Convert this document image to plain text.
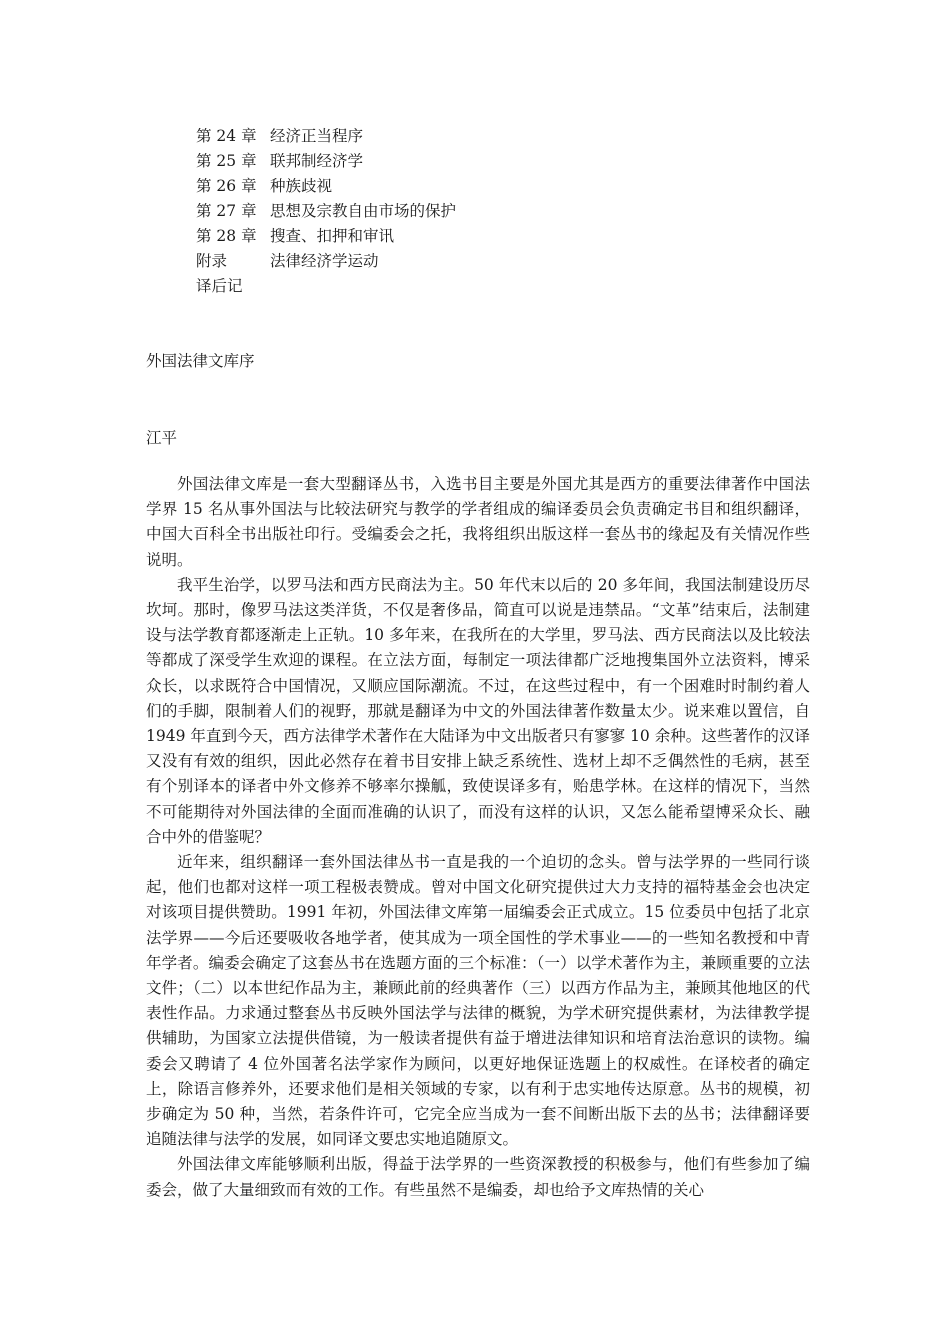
第 24 章 经济正当程序
第 25 章 联邦制经济学
第 26 章 种族歧视
第 27 章 思想及宗教自由市场的保护
第 28 章 搜查、扣押和审讯
附录	法律经济学运动
译后记
外国法律文库序
江平

外国法律文库是一套大型翻译丛书，入选书目主要是外国尤其是西方的重要法律著作中国法学界 15 名从事外国法与比较法研究与教学的学者组成的编译委员会负责确定书目和组织翻译，中国大百科全书出版社印行。受编委会之托，我将组织出版这样一套丛书的缘起及有关情况作些说明。

我平生治学，以罗马法和西方民商法为主。50 年代末以后的 20 多年间，我国法制建设历尽坎坷。那时，像罗马法这类洋货，不仅是奢侈品，简直可以说是违禁品。“文革”结束后，法制建设与法学教育都逐渐走上正轨。10 多年来，在我所在的大学里，罗马法、西方民商法以及比较法等都成了深受学生欢迎的课程。在立法方面，每制定一项法律都广泛地搜集国外立法资料，博采众长，以求既符合中国情况，又顺应国际潮流。不过，在这些过程中，有一个困难时时制约着人们的手脚，限制着人们的视野，那就是翻译为中文的外国法律著作数量太少。说来难以置信，自 1949 年直到今天，西方法律学术著作在大陆译为中文出版者只有寥寥 10 余种。这些著作的汉译又没有有效的组织，因此必然存在着书目安排上缺乏系统性、选材上却不乏偶然性的毛病，甚至有个别译本的译者中外文修养不够率尔操觚，致使误译多有，贻患学林。在这样的情况下，当然不可能期待对外国法律的全面而准确的认识了，而没有这样的认识，又怎么能希望博采众长、融合中外的借鉴呢？

近年来，组织翻译一套外国法律丛书一直是我的一个迫切的念头。曾与法学界的一些同行谈起，他们也都对这样一项工程极表赞成。曾对中国文化研究提供过大力支持的福特基金会也决定对该项目提供赞助。1991 年初，外国法律文库第一届编委会正式成立。15 位委员中包括了北京法学界——今后还要吸收各地学者，使其成为一项全国性的学术事业——的一些知名教授和中青年学者。编委会确定了这套丛书在选题方面的三个标准：（一）以学术著作为主，兼顾重要的立法文件；（二）以本世纪作品为主，兼顾此前的经典著作（三）以西方作品为主，兼顾其他地区的代表性作品。力求通过整套丛书反映外国法学与法律的概貌，为学术研究提供素材，为法律教学提供辅助，为国家立法提供借镜，为一般读者提供有益于增进法律知识和培育法治意识的读物。编委会又聘请了 4 位外国著名法学家作为顾问，以更好地保证选题上的权威性。在译校者的确定上，除语言修养外，还要求他们是相关领域的专家，以有利于忠实地传达原意。丛书的规模，初步确定为 50 种，当然，若条件许可，它完全应当成为一套不间断出版下去的丛书；法律翻译要追随法律与法学的发展，如同译文要忠实地追随原文。

外国法律文库能够顺利出版，得益于法学界的一些资深教授的积极参与，他们有些参加了编委会，做了大量细致而有效的工作。有些虽然不是编委，却也给予文库热情的关心
